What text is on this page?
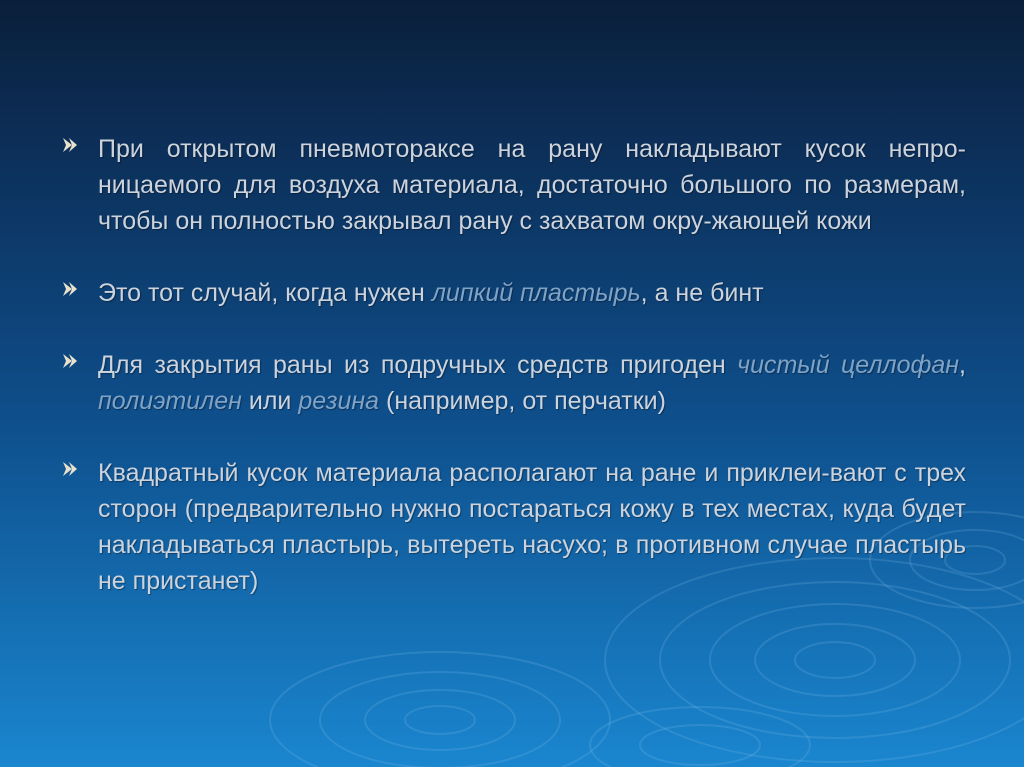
При открытом пневмотораксе на рану накладывают кусок непро-ницаемого для воздуха материала, достаточно большого по размерам, чтобы он полностью закрывал рану с захватом окру-жающей кожи
Это тот случай, когда нужен липкий пластырь, а не бинт
Для закрытия раны из подручных средств пригоден чистый целлофан, полиэтилен или резина (например, от перчатки)
Квадратный кусок материала располагают на ране и приклеи-вают с трех сторон (предварительно нужно постараться кожу в тех местах, куда будет накладываться пластырь, вытереть насухо; в противном случае пластырь не пристанет)
